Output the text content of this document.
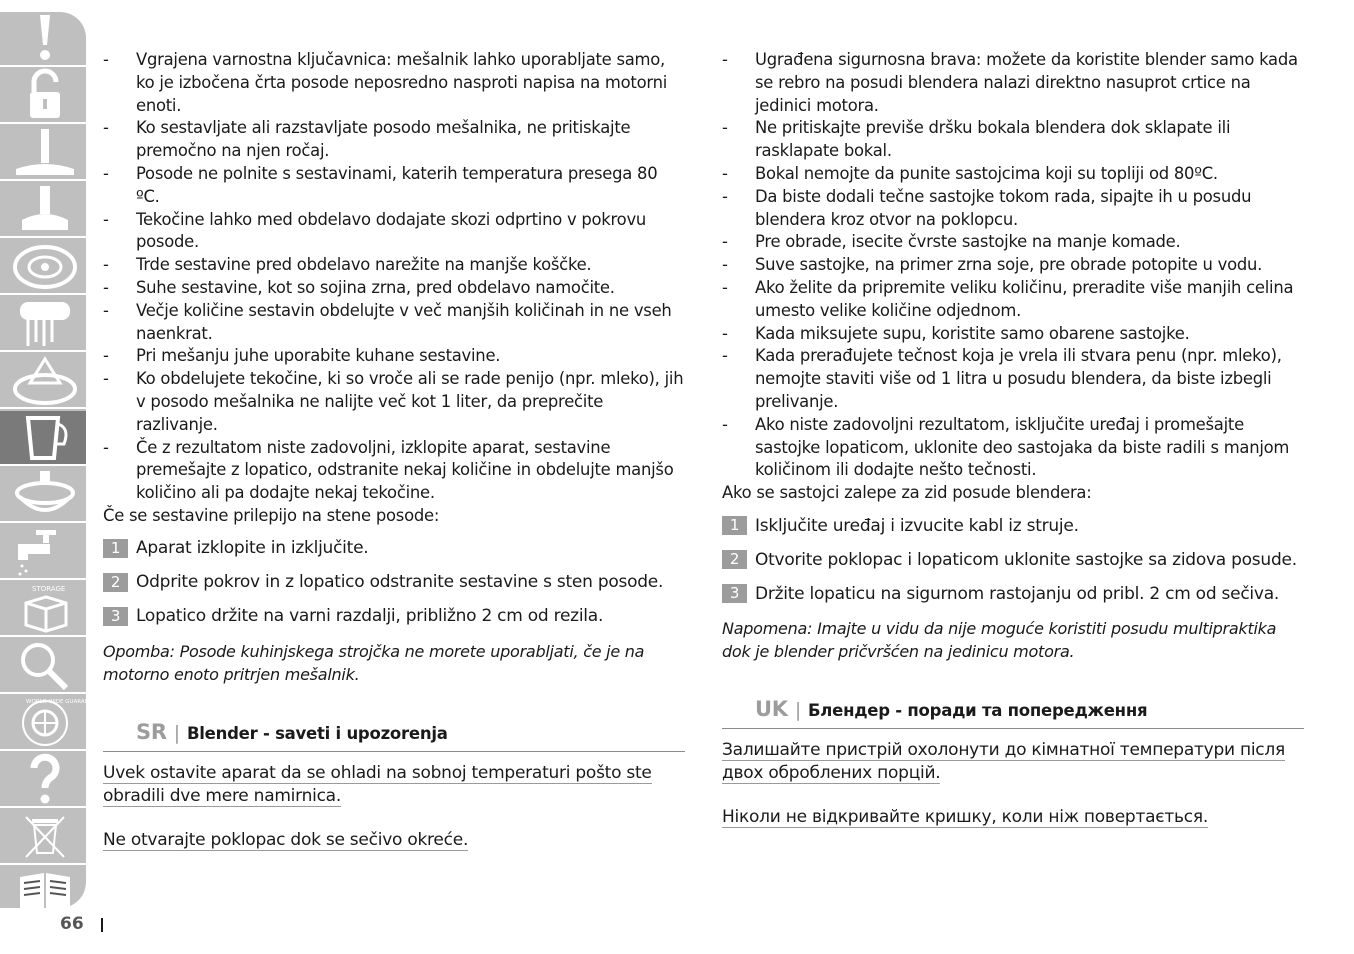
STORAGE
WORLD-WIDE GUARANTEE
- Vgrajena varnostna ključavnica: mešalnik lahko uporabljate samo, ko je izbočena črta posode neposredno nasproti napisa na motorni enoti.
- Ko sestavljate ali razstavljate posodo mešalnika, ne pritiskajte premočno na njen ročaj.
- Posode ne polnite s sestavinami, katerih temperatura presega 80 ºC.
- Tekočine lahko med obdelavo dodajate skozi odprtino v pokrovu posode.
- Trde sestavine pred obdelavo narežite na manjše koščke.
- Suhe sestavine, kot so sojina zrna, pred obdelavo namočite.
- Večje količine sestavin obdelujte v več manjših količinah in ne vseh naenkrat.
- Pri mešanju juhe uporabite kuhane sestavine.
- Ko obdelujete tekočine, ki so vroče ali se rade penijo (npr. mleko), jih v posodo mešalnika ne nalijte več kot 1 liter, da preprečite razlivanje.
- Če z rezultatom niste zadovoljni, izklopite aparat, sestavine premešajte z lopatico, odstranite nekaj količine in obdelujte manjšo količino ali pa dodajte nekaj tekočine.

Če se sestavine prilepijo na stene posode:

1 Aparat izklopite in izključite.
2 Odprite pokrov in z lopatico odstranite sestavine s sten posode.
3 Lopatico držite na varni razdalji, približno 2 cm od rezila.

Opomba: Posode kuhinjskega strojčka ne morete uporabljati, če je na motorno enoto pritrjen mešalnik.

SR | Blender - saveti i upozorenja
Uvek ostavite aparat da se ohladi na sobnoj temperaturi pošto ste obradili dve mere namirnica.
Ne otvarajte poklopac dok se sečivo okreće.
- Ugrađena sigurnosna brava: možete da koristite blender samo kada se rebro na posudi blendera nalazi direktno nasuprot crtice na jedinici motora.
- Ne pritiskajte previše dršku bokala blendera dok sklapate ili rasklapate bokal.
- Bokal nemojte da punite sastojcima koji su topliji od 80ºC.
- Da biste dodali tečne sastojke tokom rada, sipajte ih u posudu blendera kroz otvor na poklopcu.
- Pre obrade, isecite čvrste sastojke na manje komade.
- Suve sastojke, na primer zrna soje, pre obrade potopite u vodu.
- Ako želite da pripremite veliku količinu, preradite više manjih celina umesto velike količine odjednom.
- Kada miksujete supu, koristite samo obarene sastojke.
- Kada prerađujete tečnost koja je vrela ili stvara penu (npr. mleko), nemojte staviti više od 1 litra u posudu blendera, da biste izbegli prelivanje.
- Ako niste zadovoljni rezultatom, isključite uređaj i promešajte sastojke lopaticom, uklonite deo sastojaka da biste radili s manjom količinom ili dodajte nešto tečnosti.

Ako se sastojci zalepe za zid posude blendera:

1 Isključite uređaj i izvucite kabl iz struje.
2 Otvorite poklopac i lopaticom uklonite sastojke sa zidova posude.
3 Držite lopaticu na sigurnom rastojanju od pribl. 2 cm od sečiva.

Napomena: Imajte u vidu da nije moguće koristiti posudu multipraktika dok je blender pričvršćen na jedinicu motora.

UK | Блендер - поради та попередження
Залишайте пристрій охолонути до кімнатної температури після двох оброблених порцій.
Ніколи не відкривайте кришку, коли ніж повертається.
66
